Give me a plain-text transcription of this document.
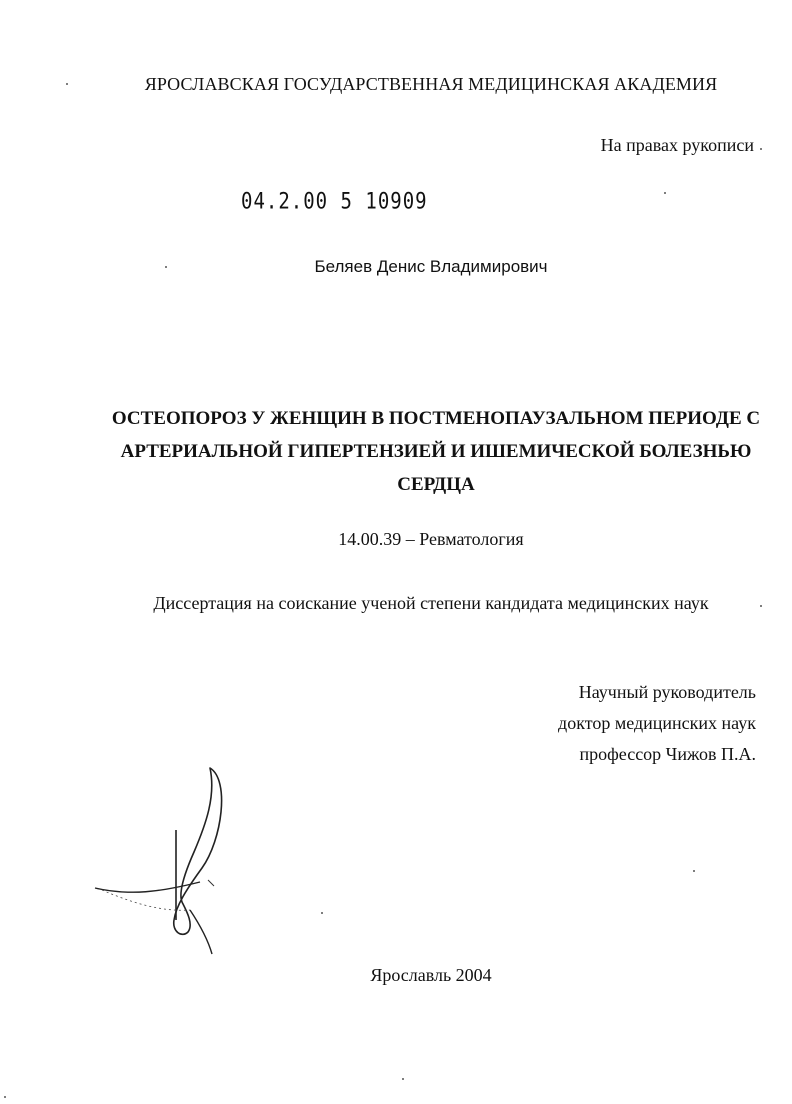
ЯРОСЛАВСКАЯ ГОСУДАРСТВЕННАЯ МЕДИЦИНСКАЯ АКАДЕМИЯ
На правах рукописи
04.2.00 5 10909
Беляев Денис Владимирович
ОСТЕОПОРОЗ У ЖЕНЩИН В ПОСТМЕНОПАУЗАЛЬНОМ ПЕРИОДЕ С
АРТЕРИАЛЬНОЙ ГИПЕРТЕНЗИЕЙ И ИШЕМИЧЕСКОЙ БОЛЕЗНЬЮ
СЕРДЦА
14.00.39 – Ревматология
Диссертация на соискание ученой степени кандидата медицинских наук
Научный руководитель
доктор медицинских наук
профессор Чижов П.А.
Ярославль 2004
